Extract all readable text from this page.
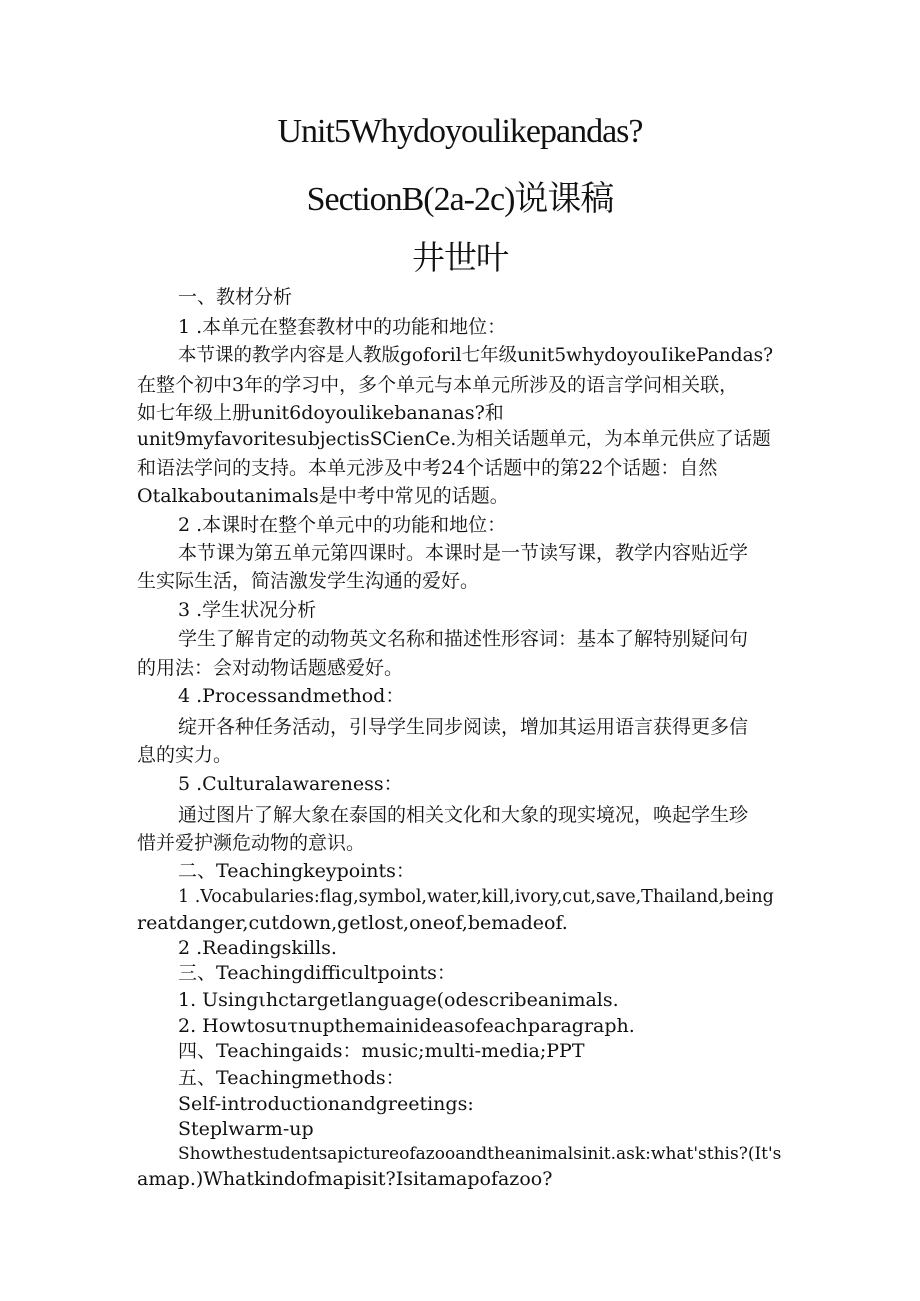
Unit5Whydoyoulikepandas?
SectionB(2a-2c)说课稿
井世叶
一、教材分析
1 .本单元在整套教材中的功能和地位：
本节课的教学内容是人教版goforil七年级unit5whydoyouIikePandas?
在整个初中3年的学习中，多个单元与本单元所涉及的语言学问相关联，
如七年级上册unit6doyoulikebananas?和
unit9myfavoritesubjectisSCienCe.为相关话题单元，为本单元供应了话题
和语法学问的支持。本单元涉及中考24个话题中的第22个话题：自然
Otalkaboutanimals是中考中常见的话题。
2 .本课时在整个单元中的功能和地位：
本节课为第五单元第四课时。本课时是一节读写课，教学内容贴近学
生实际生活，简洁激发学生沟通的爱好。
3 .学生状况分析
学生了解肯定的动物英文名称和描述性形容词：基本了解特别疑问句
的用法：会对动物话题感爱好。
4 .Processandmethod：
绽开各种任务活动，引导学生同步阅读，增加其运用语言获得更多信
息的实力。
5 .Culturalawareness：
通过图片了解大象在泰国的相关文化和大象的现实境况，唤起学生珍
惜并爱护濒危动物的意识。
二、Teachingkeypoints：
1 .Vocabularies:flag,symbol,water,kill,ivory,cut,save,Thailand,being
reatdanger,cutdown,getlost,oneof,bemadeof.
2 .Readingskills.
三、Teachingdifficultpoints：
1. Usingιhctargetlanguage(odescribeanimals.
2. Howtosuτnupthemainideasofeachparagraph.
四、Teachingaids：music;multi-media;PPT
五、Teachingmethods：
Self-introductionandgreetings:
Steplwarm-up
Showthestudentsapictureofazooandtheanimalsinit.ask:what'sthis?(It's
amap.)Whatkindofmapisit?Isitamapofazoo?
